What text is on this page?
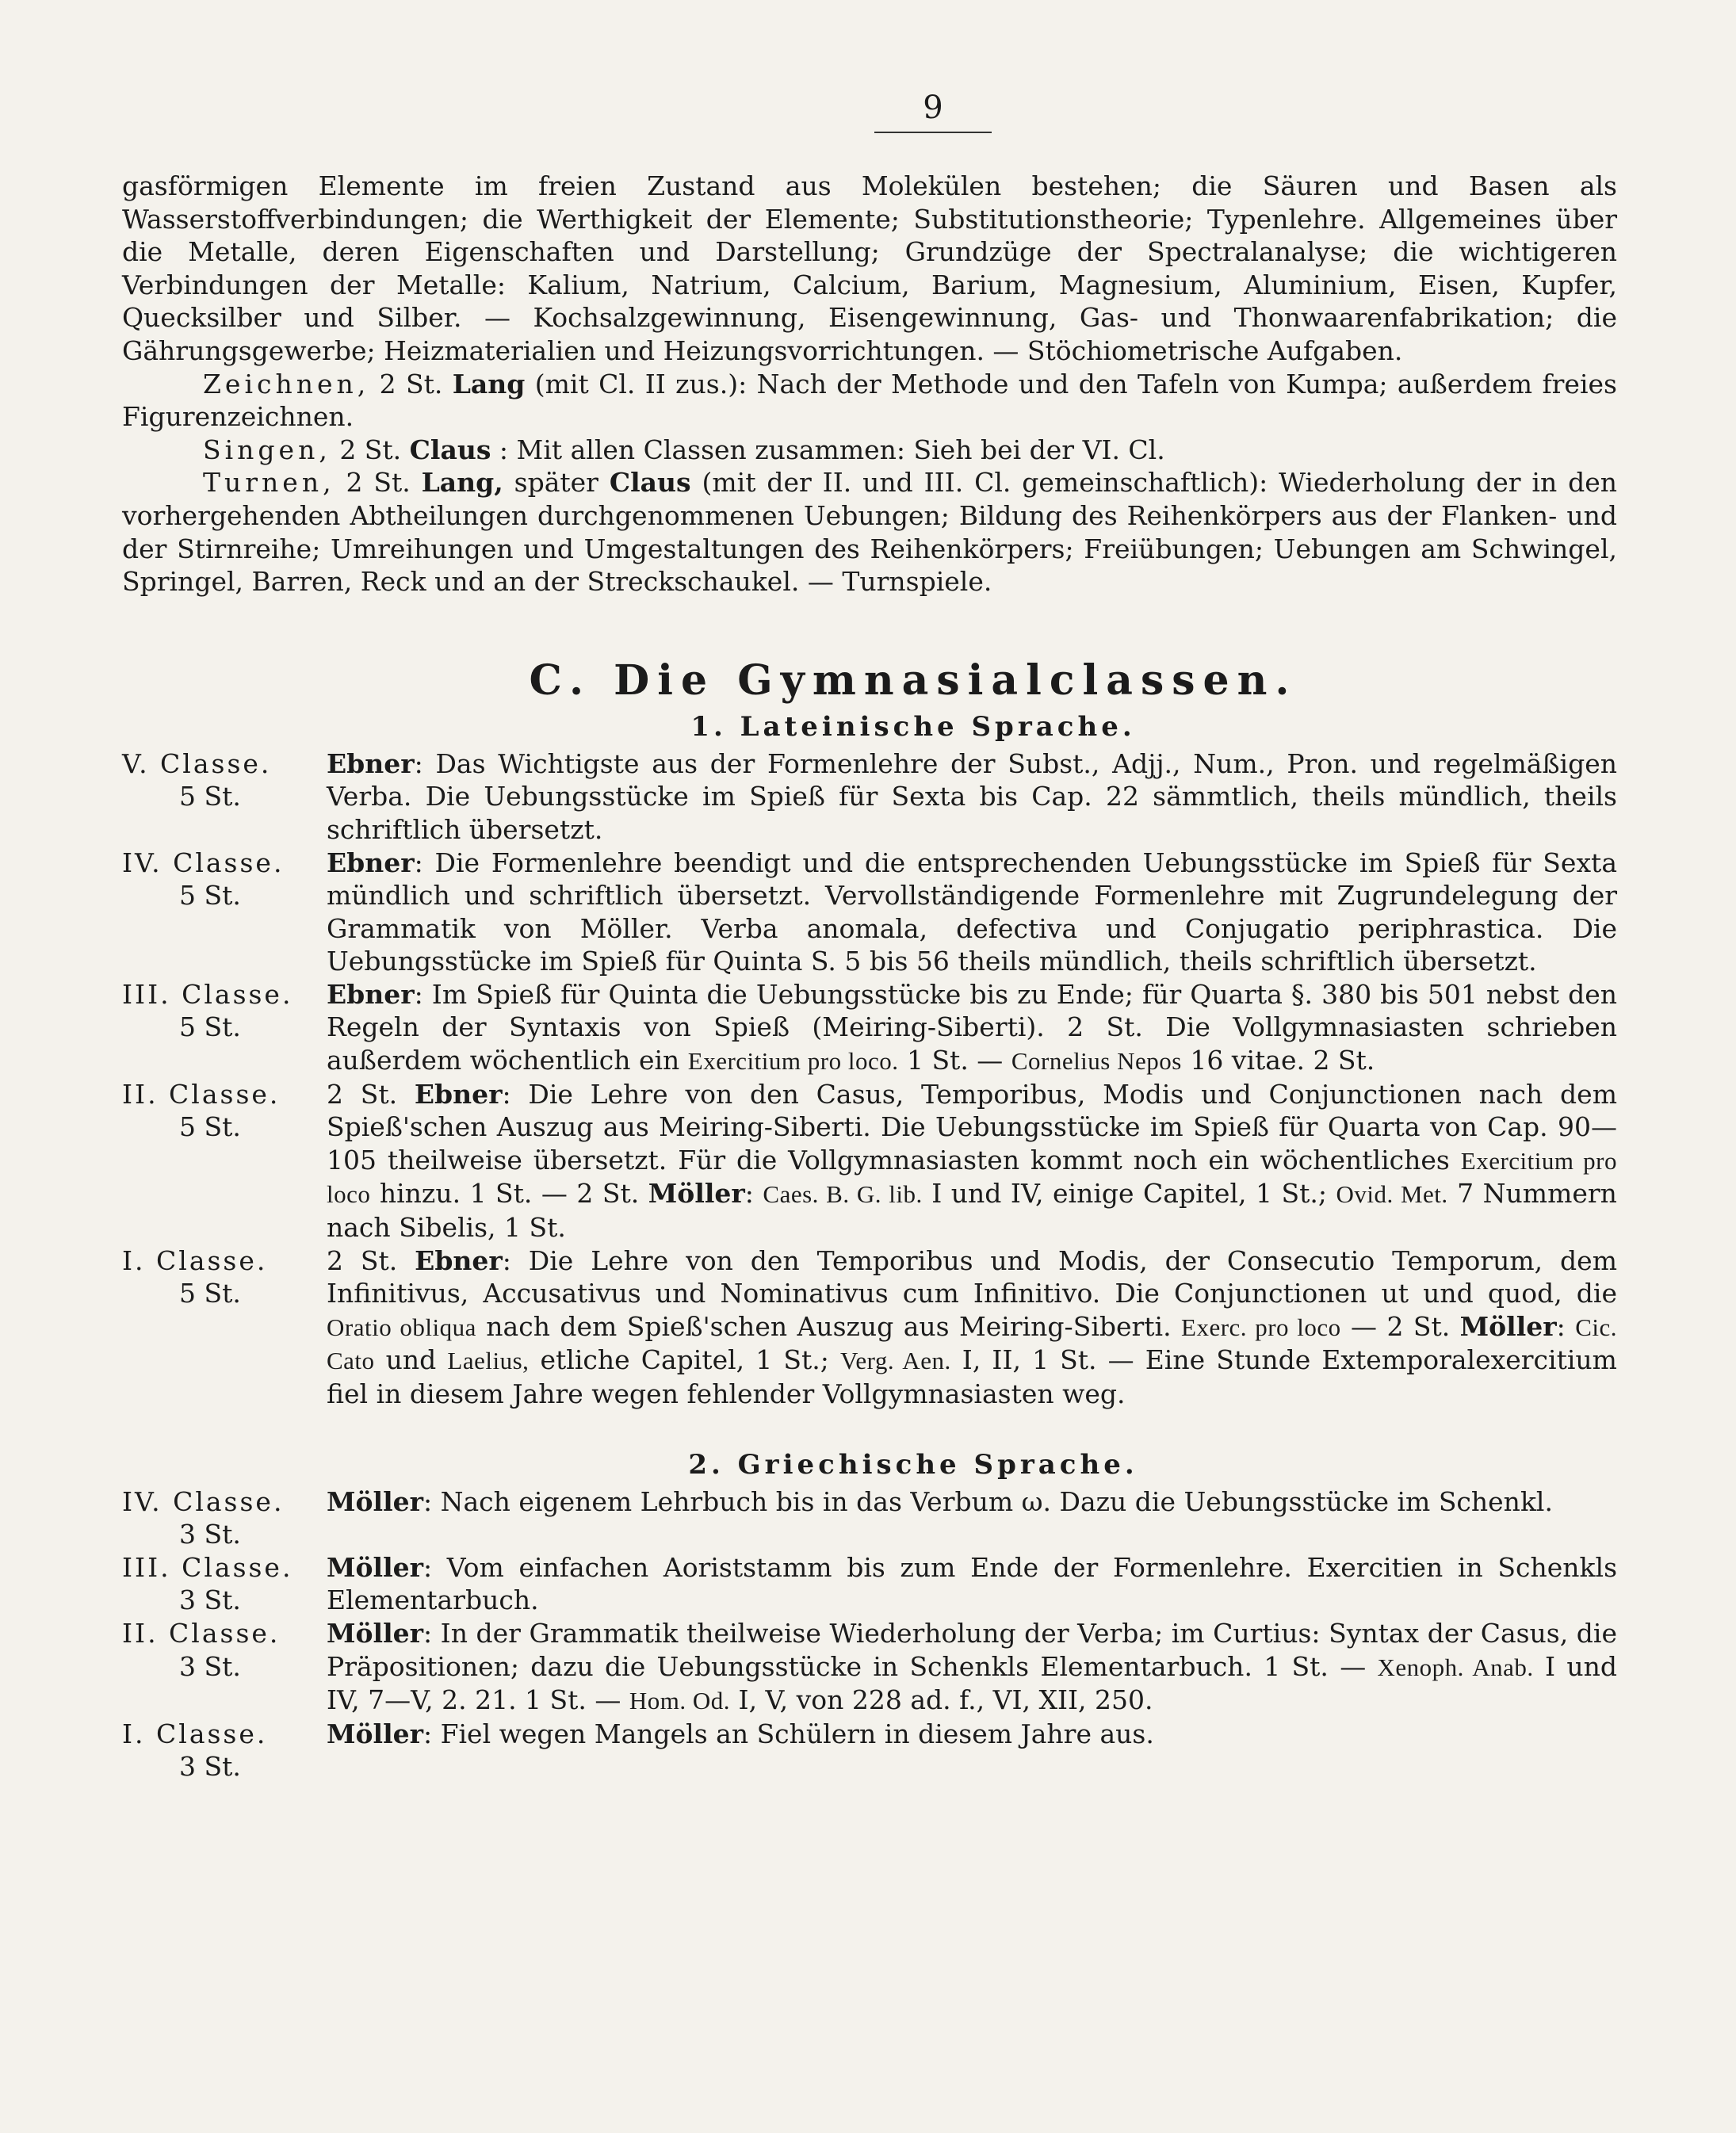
9

gasförmigen Elemente im freien Zustand aus Molekülen bestehen; die Säuren und Basen als Wasserstoffverbindungen; die Werthigkeit der Elemente; Substitutionstheorie; Typenlehre. Allgemeines über die Metalle, deren Eigenschaften und Darstellung; Grundzüge der Spectralanalyse; die wichtigeren Verbindungen der Metalle: Kalium, Natrium, Calcium, Barium, Magnesium, Aluminium, Eisen, Kupfer, Quecksilber und Silber. — Kochsalzgewinnung, Eisengewinnung, Gas- und Thonwaarenfabrikation; die Gährungsgewerbe; Heizmaterialien und Heizungsvorrichtungen. — Stöchiometrische Aufgaben.

Zeichnen, 2 St. Lang (mit Cl. II zus.): Nach der Methode und den Tafeln von Kumpa; außerdem freies Figurenzeichnen.

Singen, 2 St. Claus : Mit allen Classen zusammen: Sieh bei der VI. Cl.

Turnen, 2 St. Lang, später Claus (mit der II. und III. Cl. gemeinschaftlich): Wiederholung der in den vorhergehenden Abtheilungen durchgenommenen Uebungen; Bildung des Reihenkörpers aus der Flanken- und der Stirnreihe; Umreihungen und Umgestaltungen des Reihenkörpers; Freiübungen; Uebungen am Schwingel, Springel, Barren, Reck und an der Streckschaukel. — Turnspiele.

C. Die Gymnasialclassen.
1. Lateinische Sprache.
V. Classe.
5 St.
Ebner: Das Wichtigste aus der Formenlehre der Subst., Adjj., Num., Pron. und regelmäßigen Verba. Die Uebungsstücke im Spieß für Sexta bis Cap. 22 sämmtlich, theils mündlich, theils schriftlich übersetzt.
IV. Classe.
5 St.
Ebner: Die Formenlehre beendigt und die entsprechenden Uebungsstücke im Spieß für Sexta mündlich und schriftlich übersetzt. Vervollständigende Formenlehre mit Zugrundelegung der Grammatik von Möller. Verba anomala, defectiva und Conjugatio periphrastica. Die Uebungsstücke im Spieß für Quinta S. 5 bis 56 theils mündlich, theils schriftlich übersetzt.
III. Classe.
5 St.
Ebner: Im Spieß für Quinta die Uebungsstücke bis zu Ende; für Quarta §. 380 bis 501 nebst den Regeln der Syntaxis von Spieß (Meiring-Siberti). 2 St. Die Vollgymnasiasten schrieben außerdem wöchentlich ein Exercitium pro loco. 1 St. — Cornelius Nepos 16 vitae. 2 St.
II. Classe.
5 St.
2 St. Ebner: Die Lehre von den Casus, Temporibus, Modis und Conjunctionen nach dem Spieß'schen Auszug aus Meiring-Siberti. Die Uebungsstücke im Spieß für Quarta von Cap. 90—105 theilweise übersetzt. Für die Vollgymnasiasten kommt noch ein wöchentliches Exercitium pro loco hinzu. 1 St. — 2 St. Möller: Caes. B. G. lib. I und IV, einige Capitel, 1 St.; Ovid. Met. 7 Nummern nach Sibelis, 1 St.
I. Classe.
5 St.
2 St. Ebner: Die Lehre von den Temporibus und Modis, der Consecutio Temporum, dem Infinitivus, Accusativus und Nominativus cum Infinitivo. Die Conjunctionen ut und quod, die Oratio obliqua nach dem Spieß'schen Auszug aus Meiring-Siberti. Exerc. pro loco — 2 St. Möller: Cic. Cato und Laelius, etliche Capitel, 1 St.; Verg. Aen. I, II, 1 St. — Eine Stunde Extemporalexercitium fiel in diesem Jahre wegen fehlender Vollgymnasiasten weg.
2. Griechische Sprache.
IV. Classe.
3 St.
Möller: Nach eigenem Lehrbuch bis in das Verbum ω. Dazu die Uebungsstücke im Schenkl.
III. Classe.
3 St.
Möller: Vom einfachen Aoriststamm bis zum Ende der Formenlehre. Exercitien in Schenkls Elementarbuch.
II. Classe.
3 St.
Möller: In der Grammatik theilweise Wiederholung der Verba; im Curtius: Syntax der Casus, die Präpositionen; dazu die Uebungsstücke in Schenkls Elementarbuch. 1 St. — Xenoph. Anab. I und IV, 7—V, 2. 21. 1 St. — Hom. Od. I, V, von 228 ad. f., VI, XII, 250.
I. Classe.
3 St.
Möller: Fiel wegen Mangels an Schülern in diesem Jahre aus.
